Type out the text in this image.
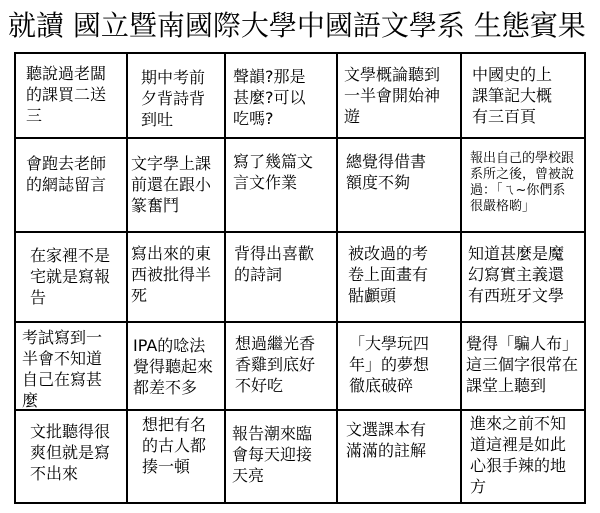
就讀 國立暨南國際大學中國語文學系 生態賓果
聽說過老闆
的課買二送
三
期中考前
夕背詩背
到吐
聲韻?那是
甚麼?可以
吃嗎?
文學概論聽到
一半會開始神
遊
中國史的上
課筆記大概
有三百頁
會跑去老師
的網誌留言
文字學上課
前還在跟小
篆奮鬥
寫了幾篇文
言文作業
總覺得借書
額度不夠
報出自己的學校跟
系所之後，曾被說
過：「ㄟ~你們系
很嚴格喲」
在家裡不是
宅就是寫報
告
寫出來的東
西被批得半
死
背得出喜歡
的詩詞
被改過的考
卷上面畫有
骷顱頭
知道甚麼是魔
幻寫實主義還
有西班牙文學
考試寫到一
半會不知道
自己在寫甚
麼
IPA的唸法
覺得聽起來
都差不多
想過繼光香
香雞到底好
不好吃
「大學玩四
年」的夢想
徹底破碎
覺得「騙人布」
這三個字很常在
課堂上聽到
文批聽得很
爽但就是寫
不出來
想把有名
的古人都
揍一頓
報告潮來臨
會每天迎接
天亮
文選課本有
滿滿的註解
進來之前不知
道這裡是如此
心狠手辣的地
方
